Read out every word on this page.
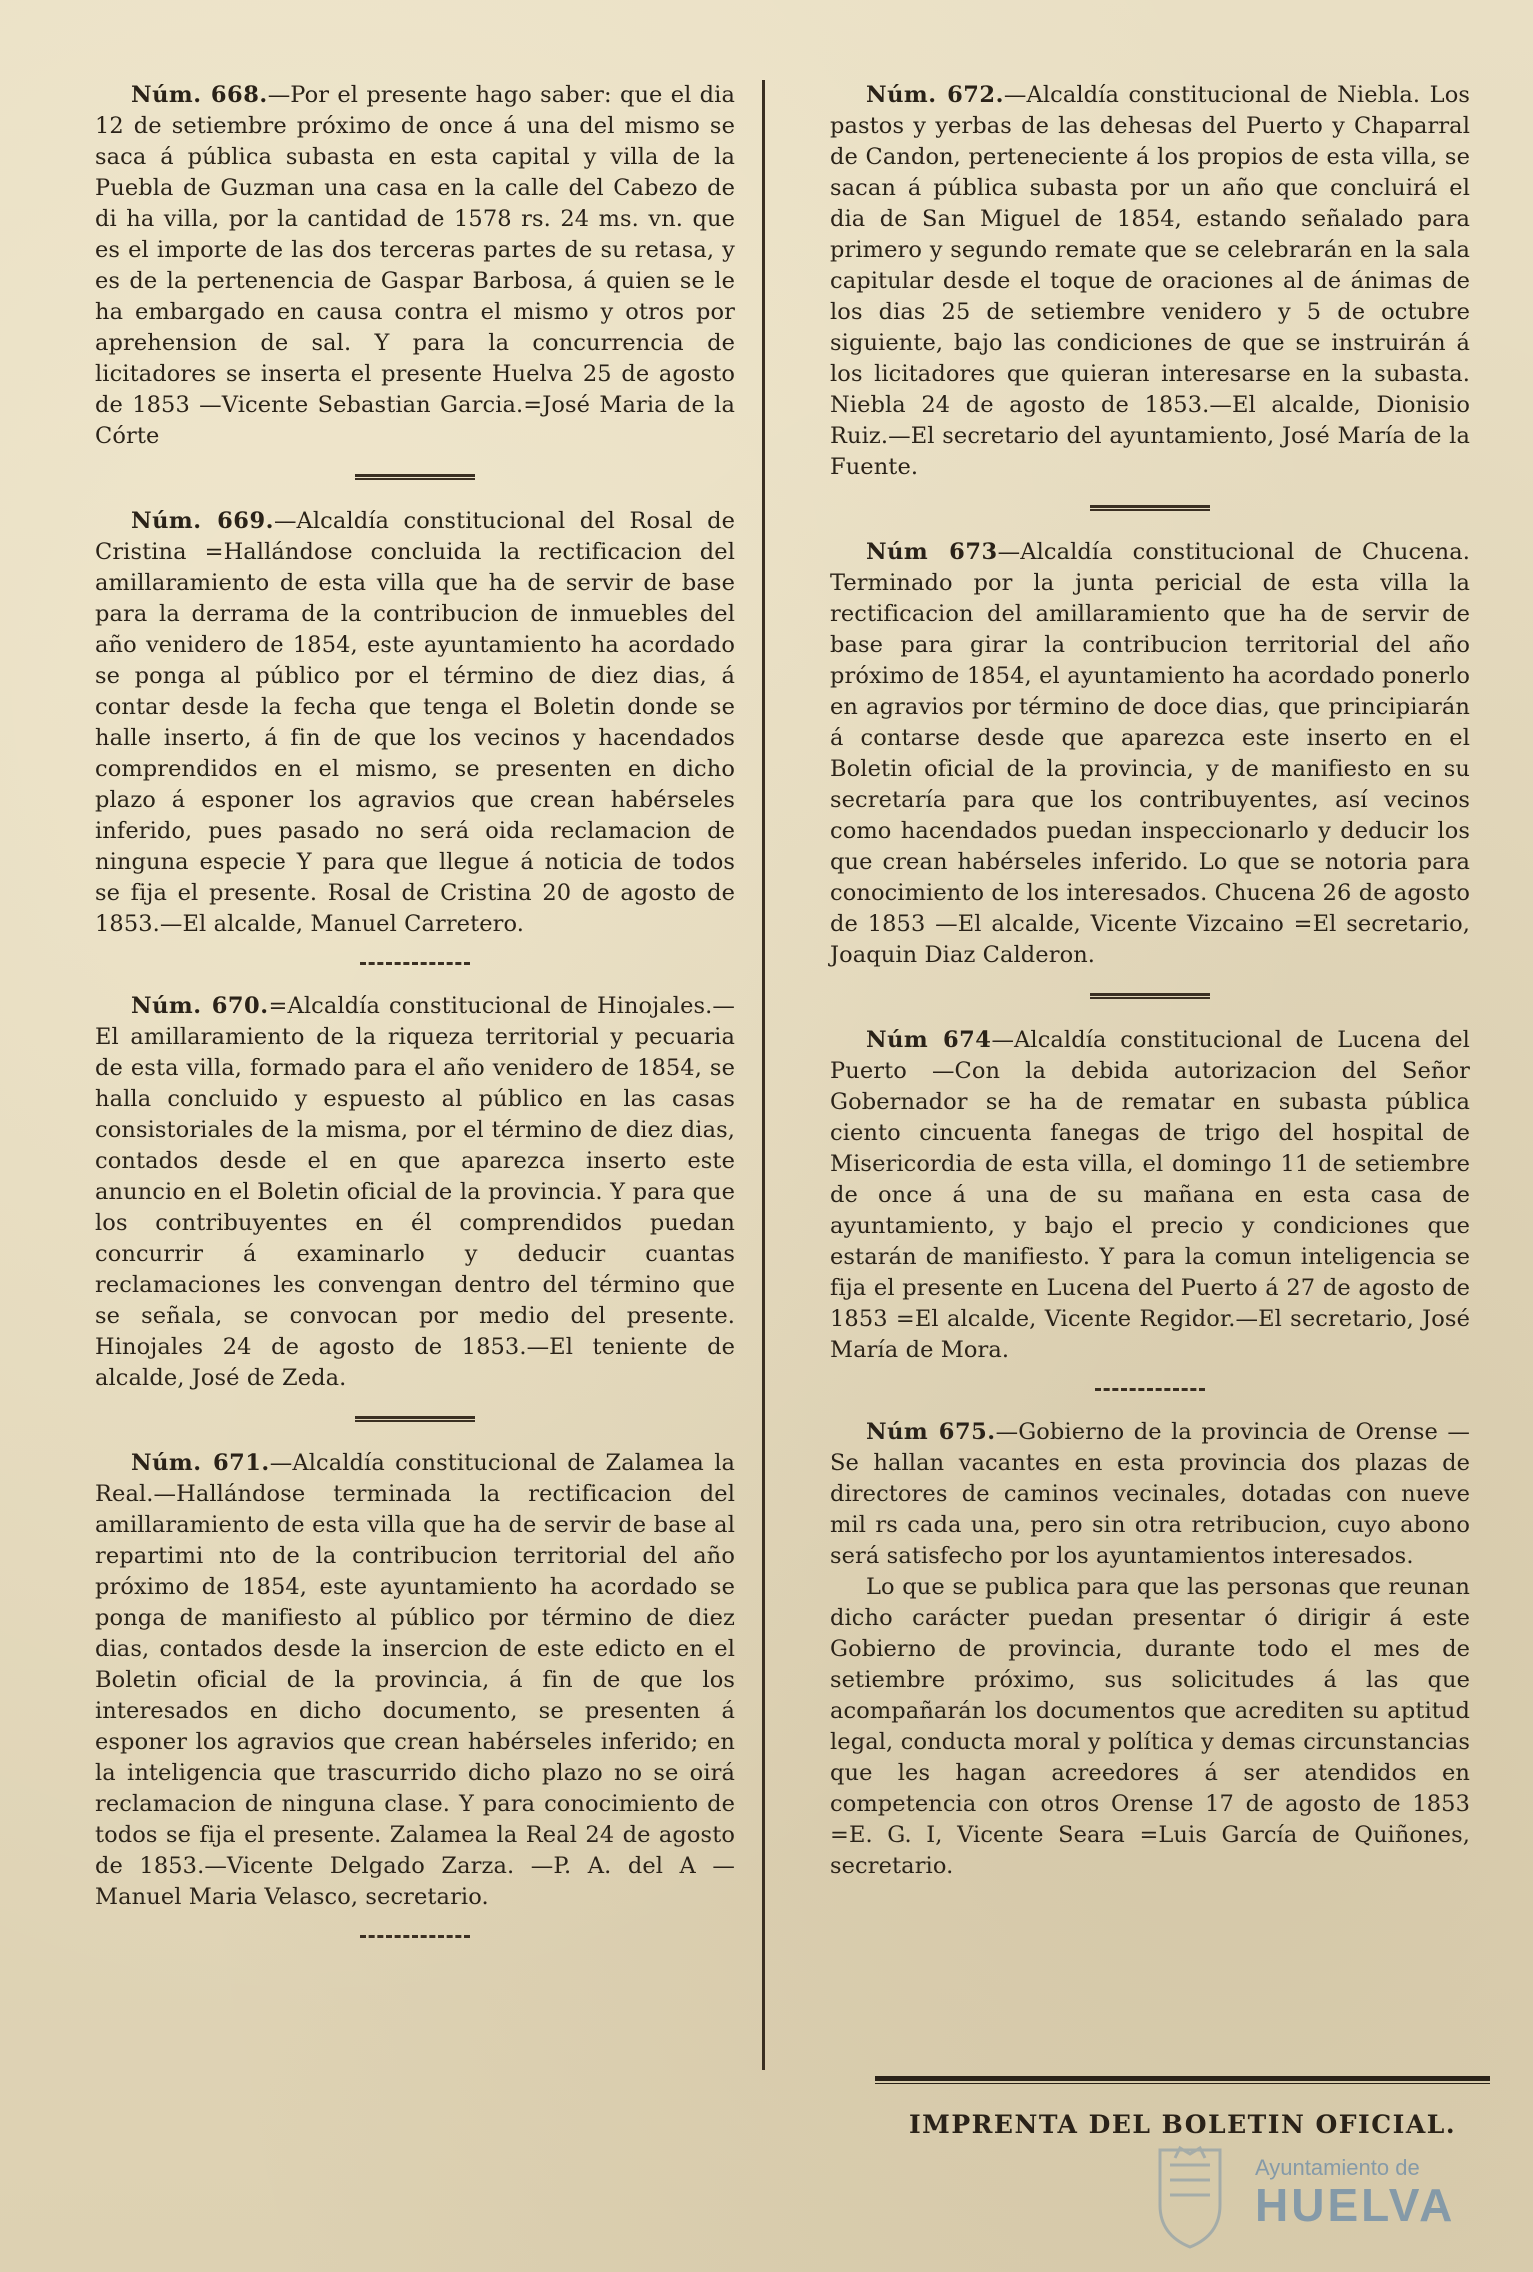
Núm. 668.—Por el presente hago saber: que el dia 12 de setiembre próximo de once á una del mismo se saca á pública subasta en esta capital y villa de la Puebla de Guzman una casa en la calle del Cabezo de di ha villa, por la cantidad de 1578 rs. 24 ms. vn. que es el importe de las dos terceras partes de su retasa, y es de la pertenencia de Gaspar Barbosa, á quien se le ha embargado en causa contra el mismo y otros por aprehension de sal. Y para la concurrencia de licitadores se inserta el presente Huelva 25 de agosto de 1853 —Vicente Sebastian Garcia.=José Maria de la Córte
Núm. 669.—Alcaldía constitucional del Rosal de Cristina =Hallándose concluida la rectificacion del amillaramiento de esta villa que ha de servir de base para la derrama de la contribucion de inmuebles del año venidero de 1854, este ayuntamiento ha acordado se ponga al público por el término de diez dias, á contar desde la fecha que tenga el Boletin donde se halle inserto, á fin de que los vecinos y hacendados comprendidos en el mismo, se presenten en dicho plazo á esponer los agravios que crean habérseles inferido, pues pasado no será oida reclamacion de ninguna especie Y para que llegue á noticia de todos se fija el presente. Rosal de Cristina 20 de agosto de 1853.—El alcalde, Manuel Carretero.
Núm. 670.=Alcaldía constitucional de Hinojales.—El amillaramiento de la riqueza territorial y pecuaria de esta villa, formado para el año venidero de 1854, se halla concluido y espuesto al público en las casas consistoriales de la misma, por el término de diez dias, contados desde el en que aparezca inserto este anuncio en el Boletin oficial de la provincia. Y para que los contribuyentes en él comprendidos puedan concurrir á examinarlo y deducir cuantas reclamaciones les convengan dentro del término que se señala, se convocan por medio del presente. Hinojales 24 de agosto de 1853.—El teniente de alcalde, José de Zeda.
Núm. 671.—Alcaldía constitucional de Zalamea la Real.—Hallándose terminada la rectificacion del amillaramiento de esta villa que ha de servir de base al repartimi nto de la contribucion territorial del año próximo de 1854, este ayuntamiento ha acordado se ponga de manifiesto al público por término de diez dias, contados desde la insercion de este edicto en el Boletin oficial de la provincia, á fin de que los interesados en dicho documento, se presenten á esponer los agravios que crean habérseles inferido; en la inteligencia que trascurrido dicho plazo no se oirá reclamacion de ninguna clase. Y para conocimiento de todos se fija el presente. Zalamea la Real 24 de agosto de 1853.—Vicente Delgado Zarza. —P. A. del A —Manuel Maria Velasco, secretario.
Núm. 672.—Alcaldía constitucional de Niebla. Los pastos y yerbas de las dehesas del Puerto y Chaparral de Candon, perteneciente á los propios de esta villa, se sacan á pública subasta por un año que concluirá el dia de San Miguel de 1854, estando señalado para primero y segundo remate que se celebrarán en la sala capitular desde el toque de oraciones al de ánimas de los dias 25 de setiembre venidero y 5 de octubre siguiente, bajo las condiciones de que se instruirán á los licitadores que quieran interesarse en la subasta. Niebla 24 de agosto de 1853.—El alcalde, Dionisio Ruiz.—El secretario del ayuntamiento, José María de la Fuente.
Núm 673—Alcaldía constitucional de Chucena. Terminado por la junta pericial de esta villa la rectificacion del amillaramiento que ha de servir de base para girar la contribucion territorial del año próximo de 1854, el ayuntamiento ha acordado ponerlo en agravios por término de doce dias, que principiarán á contarse desde que aparezca este inserto en el Boletin oficial de la provincia, y de manifiesto en su secretaría para que los contribuyentes, así vecinos como hacendados puedan inspeccionarlo y deducir los que crean habérseles inferido. Lo que se notoria para conocimiento de los interesados. Chucena 26 de agosto de 1853 —El alcalde, Vicente Vizcaino =El secretario, Joaquin Diaz Calderon.
Núm 674—Alcaldía constitucional de Lucena del Puerto —Con la debida autorizacion del Señor Gobernador se ha de rematar en subasta pública ciento cincuenta fanegas de trigo del hospital de Misericordia de esta villa, el domingo 11 de setiembre de once á una de su mañana en esta casa de ayuntamiento, y bajo el precio y condiciones que estarán de manifiesto. Y para la comun inteligencia se fija el presente en Lucena del Puerto á 27 de agosto de 1853 =El alcalde, Vicente Regidor.—El secretario, José María de Mora.
Núm 675.—Gobierno de la provincia de Orense — Se hallan vacantes en esta provincia dos plazas de directores de caminos vecinales, dotadas con nueve mil rs cada una, pero sin otra retribucion, cuyo abono será satisfecho por los ayuntamientos interesados.

Lo que se publica para que las personas que reunan dicho carácter puedan presentar ó dirigir á este Gobierno de provincia, durante todo el mes de setiembre próximo, sus solicitudes á las que acompañarán los documentos que acrediten su aptitud legal, conducta moral y política y demas circunstancias que les hagan acreedores á ser atendidos en competencia con otros Orense 17 de agosto de 1853 =E. G. I, Vicente Seara =Luis García de Quiñones, secretario.

IMPRENTA DEL BOLETIN OFICIAL.
Ayuntamiento de
HUELVA
